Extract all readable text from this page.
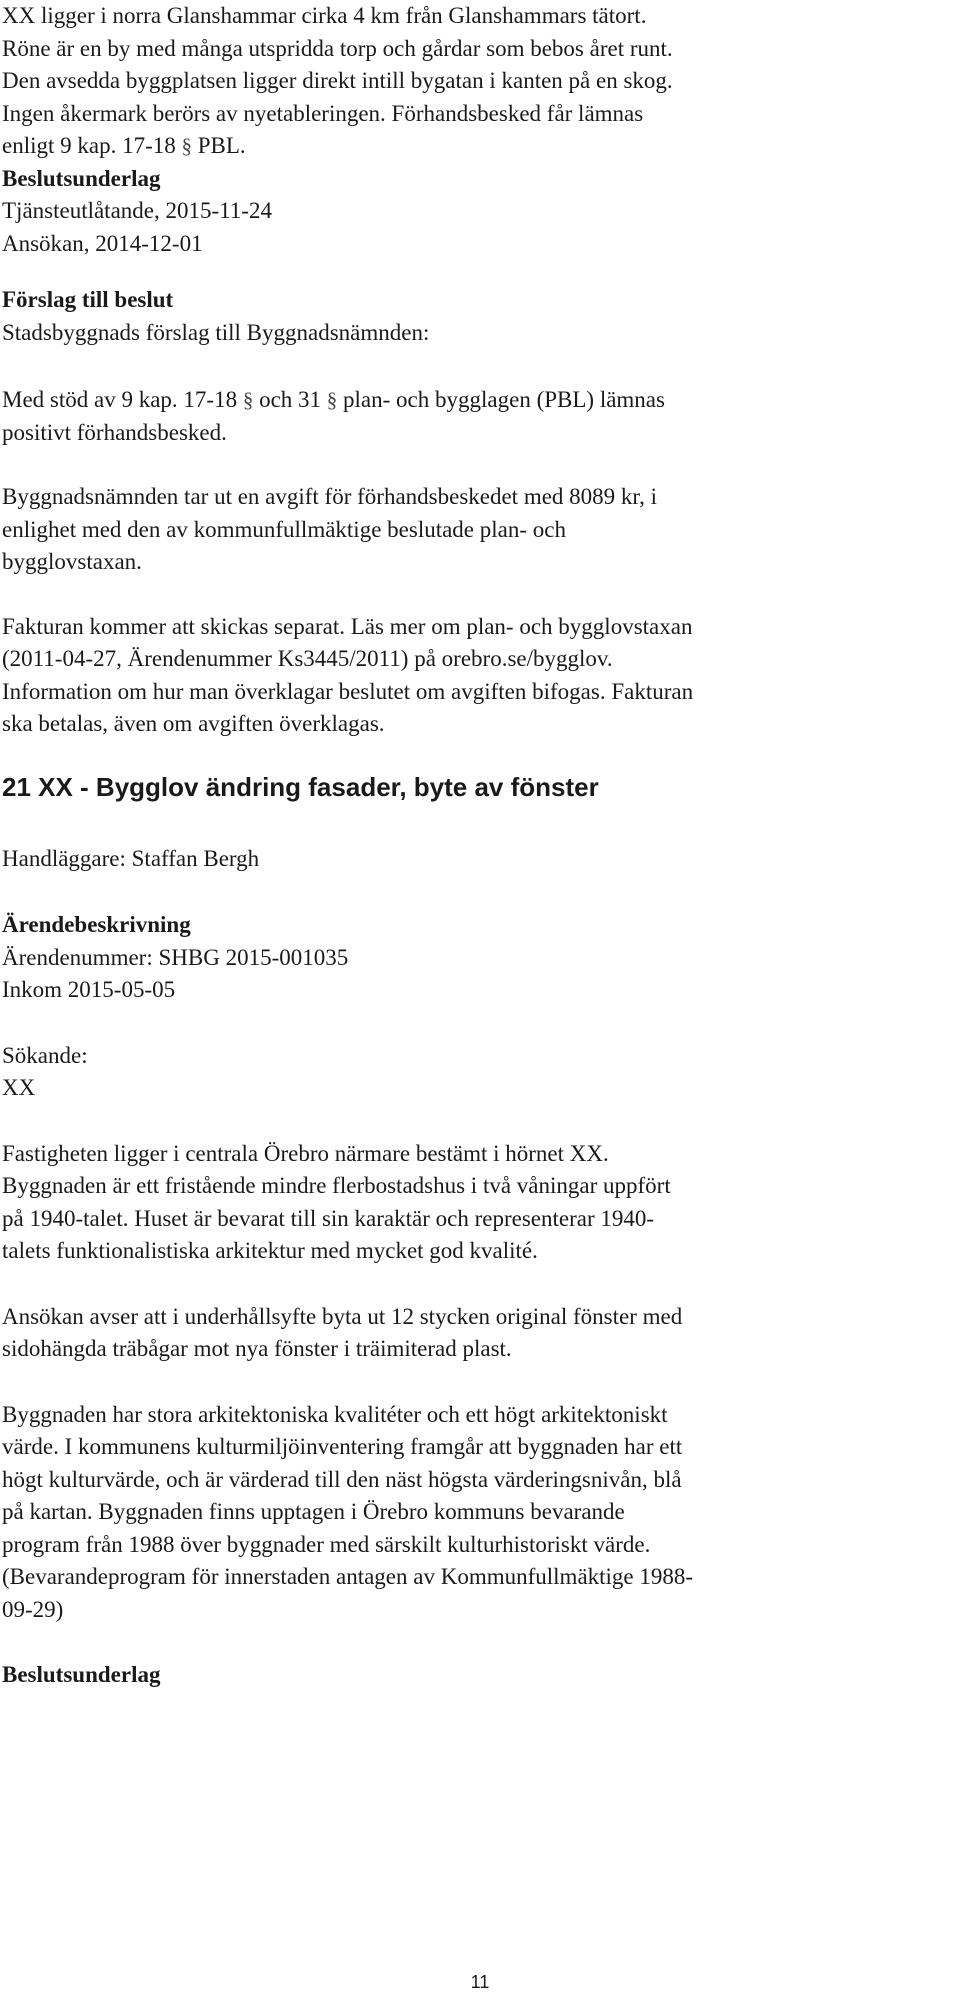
XX ligger i norra Glanshammar cirka 4 km från Glanshammars tätort.

Röne är en by med många utspridda torp och gårdar som bebos året runt.

Den avsedda byggplatsen ligger direkt intill bygatan i kanten på en skog.

Ingen åkermark berörs av nyetableringen. Förhandsbesked får lämnas

enligt 9 kap. 17-18 § PBL.

Beslutsunderlag

Tjänsteutlåtande, 2015-11-24

Ansökan, 2014-12-01

Förslag till beslut

Stadsbyggnads förslag till Byggnadsnämnden:

Med stöd av 9 kap. 17-18 § och 31 § plan- och bygglagen (PBL) lämnas

positivt förhandsbesked.

Byggnadsnämnden tar ut en avgift för förhandsbeskedet med 8089 kr, i

enlighet med den av kommunfullmäktige beslutade plan- och

bygglovstaxan.

Fakturan kommer att skickas separat. Läs mer om plan- och bygglovstaxan

(2011-04-27, Ärendenummer Ks3445/2011) på orebro.se/bygglov.

Information om hur man överklagar beslutet om avgiften bifogas. Fakturan

ska betalas, även om avgiften överklagas.

21 XX - Bygglov ändring fasader, byte av fönster

Handläggare: Staffan Bergh

Ärendebeskrivning

Ärendenummer: SHBG 2015-001035

Inkom 2015-05-05

Sökande:

XX

Fastigheten ligger i centrala Örebro närmare bestämt i hörnet XX.

Byggnaden är ett fristående mindre flerbostadshus i två våningar uppfört

på 1940-talet. Huset är bevarat till sin karaktär och representerar 1940-

talets funktionalistiska arkitektur med mycket god kvalité.

Ansökan avser att i underhållsyfte byta ut 12 stycken original fönster med

sidohängda träbågar mot nya fönster i träimiterad plast.

Byggnaden har stora arkitektoniska kvalitéter och ett högt arkitektoniskt

värde. I kommunens kulturmiljöinventering framgår att byggnaden har ett

högt kulturvärde, och är värderad till den näst högsta värderingsnivån, blå

på kartan. Byggnaden finns upptagen i Örebro kommuns bevarande

program från 1988 över byggnader med särskilt kulturhistoriskt värde.

(Bevarandeprogram för innerstaden antagen av Kommunfullmäktige 1988-

09-29)

Beslutsunderlag

11
